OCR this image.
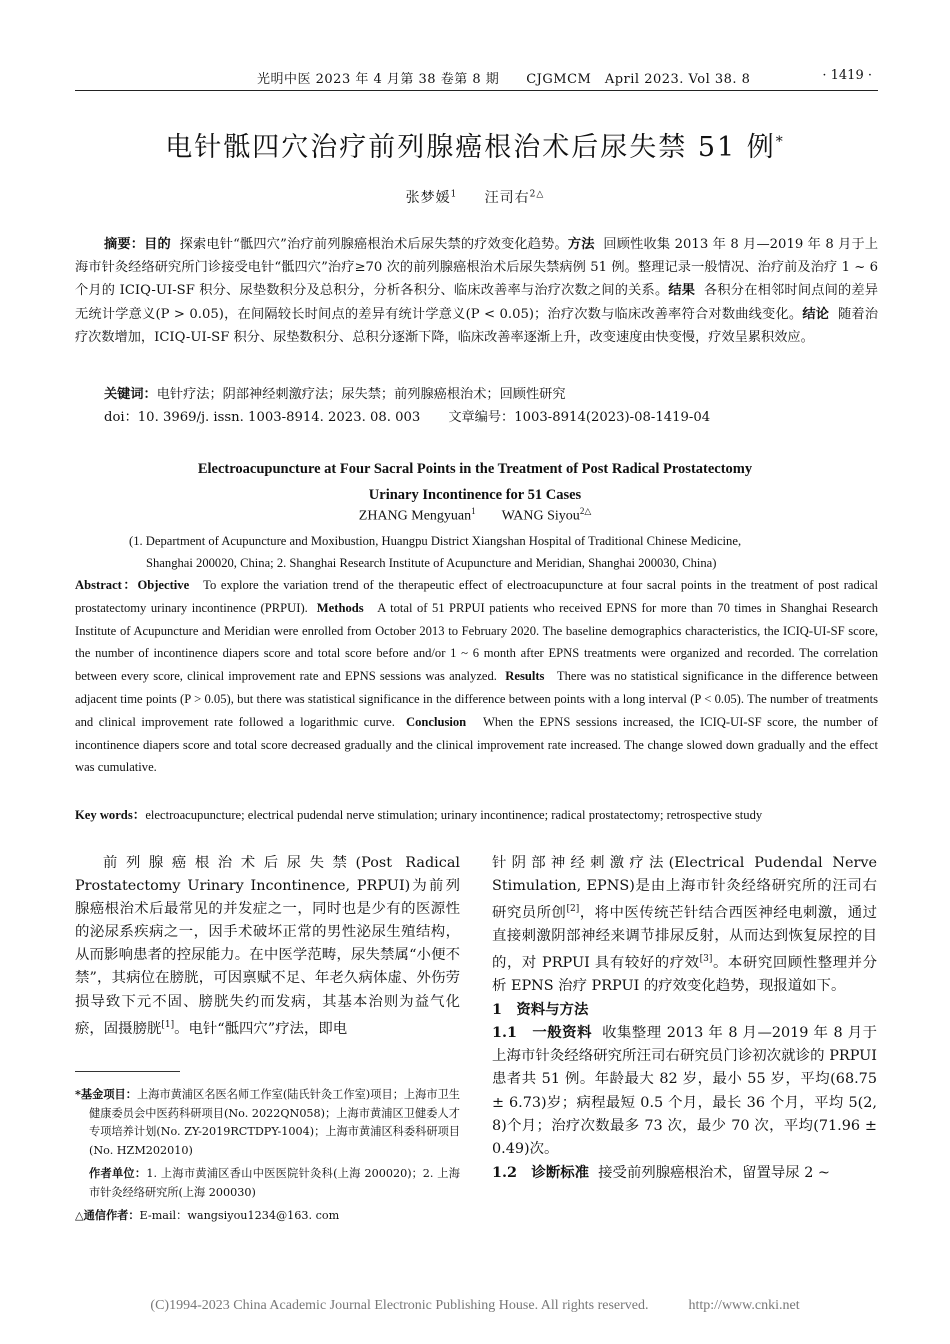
光明中医 2023 年 4 月第 38 卷第 8 期　　CJGMCM　April 2023. Vol 38. 8	· 1419 ·
电针骶四穴治疗前列腺癌根治术后尿失禁 51 例*
张梦媛$^1$ 汪司右$^{2\triangle}$
摘要：目的 探索电针“骶四穴”治疗前列腺癌根治术后尿失禁的疗效变化趋势。方法 回顾性收集 2013 年 8 月—2019 年 8 月于上海市针灸经络研究所门诊接受电针“骶四穴”治疗≥70 次的前列腺癌根治术后尿失禁病例 51 例。整理记录一般情况、治疗前及治疗 1 ~ 6 个月的 ICIQ-UI-SF 积分、尿垫数积分及总积分，分析各积分、临床改善率与治疗次数之间的关系。结果 各积分在相邻时间点间的差异无统计学意义(P > 0.05)，在间隔较长时间点的差异有统计学意义(P < 0.05)；治疗次数与临床改善率符合对数曲线变化。结论 随着治疗次数增加，ICIQ-UI-SF 积分、尿垫数积分、总积分逐渐下降，临床改善率逐渐上升，改变速度由快变慢，疗效呈累积效应。
关键词：电针疗法；阴部神经刺激疗法；尿失禁；前列腺癌根治术；回顾性研究
doi：10. 3969/j. issn. 1003-8914. 2023. 08. 003 文章编号：1003-8914(2023)-08-1419-04
Electroacupuncture at Four Sacral Points in the Treatment of Post Radical Prostatectomy
Urinary Incontinence for 51 Cases
ZHANG Mengyuan$^1$ WANG Siyou$^{2\triangle}$
(1. Department of Acupuncture and Moxibustion, Huangpu District Xiangshan Hospital of Traditional Chinese Medicine,
Shanghai 200020, China; 2. Shanghai Research Institute of Acupuncture and Meridian, Shanghai 200030, China)
Abstract：Objective To explore the variation trend of the therapeutic effect of electroacupuncture at four sacral points in the treatment of post radical prostatectomy urinary incontinence (PRPUI). Methods A total of 51 PRPUI patients who received EPNS for more than 70 times in Shanghai Research Institute of Acupuncture and Meridian were enrolled from October 2013 to February 2020. The baseline demographics characteristics, the ICIQ-UI-SF score, the number of incontinence diapers score and total score before and/or 1 ~ 6 month after EPNS treatments were organized and recorded. The correlation between every score, clinical improvement rate and EPNS sessions was analyzed. Results There was no statistical significance in the difference between adjacent time points (P > 0.05), but there was statistical significance in the difference between points with a long interval (P < 0.05). The number of treatments and clinical improvement rate followed a logarithmic curve. Conclusion When the EPNS sessions increased, the ICIQ-UI-SF score, the number of incontinence diapers score and total score decreased gradually and the clinical improvement rate increased. The change slowed down gradually and the effect was cumulative.
Key words：electroacupuncture; electrical pudendal nerve stimulation; urinary incontinence; radical prostatectomy; retrospective study
前列腺癌根治术后尿失禁(Post Radical Prostatectomy Urinary Incontinence, PRPUI)为前列腺癌根治术后最常见的并发症之一，同时也是少有的医源性的泌尿系疾病之一，因手术破坏正常的男性泌尿生殖结构，从而影响患者的控尿能力。在中医学范畴，尿失禁属“小便不禁”，其病位在膀胱，可因禀赋不足、年老久病体虚、外伤劳损导致下元不固、膀胱失约而发病，其基本治则为益气化瘀，固摄膀胱[1]。电针“骶四穴”疗法，即电
针阴部神经刺激疗法(Electrical Pudendal Nerve Stimulation, EPNS)是由上海市针灸经络研究所的汪司右研究员所创[2]，将中医传统芒针结合西医神经电刺激，通过直接刺激阴部神经来调节排尿反射，从而达到恢复尿控的目的，对 PRPUI 具有较好的疗效[3]。本研究回顾性整理并分析 EPNS 治疗 PRPUI 的疗效变化趋势，现报道如下。
1　资料与方法
1.1　一般资料 收集整理 2013 年 8 月—2019 年 8 月于上海市针灸经络研究所汪司右研究员门诊初次就诊的 PRPUI 患者共 51 例。年龄最大 82 岁，最小 55 岁，平均(68.75 ± 6.73)岁；病程最短 0.5 个月，最长 36 个月，平均 5(2, 8)个月；治疗次数最多 73 次，最少 70 次，平均(71.96 ± 0.49)次。
1.2　诊断标准 接受前列腺癌根治术，留置导尿 2 ~

*基金项目：上海市黄浦区名医名师工作室(陆氏针灸工作室)项目；上海市卫生健康委员会中医药科研项目(No. 2022QN058)；上海市黄浦区卫健委人才专项培养计划(No. ZY-2019RCTDPY-1004)；上海市黄浦区科委科研项目(No. HZM202010)

作者单位：1. 上海市黄浦区香山中医医院针灸科(上海 200020)；2. 上海市针灸经络研究所(上海 200030)

△通信作者：E-mail：wangsiyou1234@163. com

(C)1994-2023 China Academic Journal Electronic Publishing House. All rights reserved.	http://www.cnki.net
